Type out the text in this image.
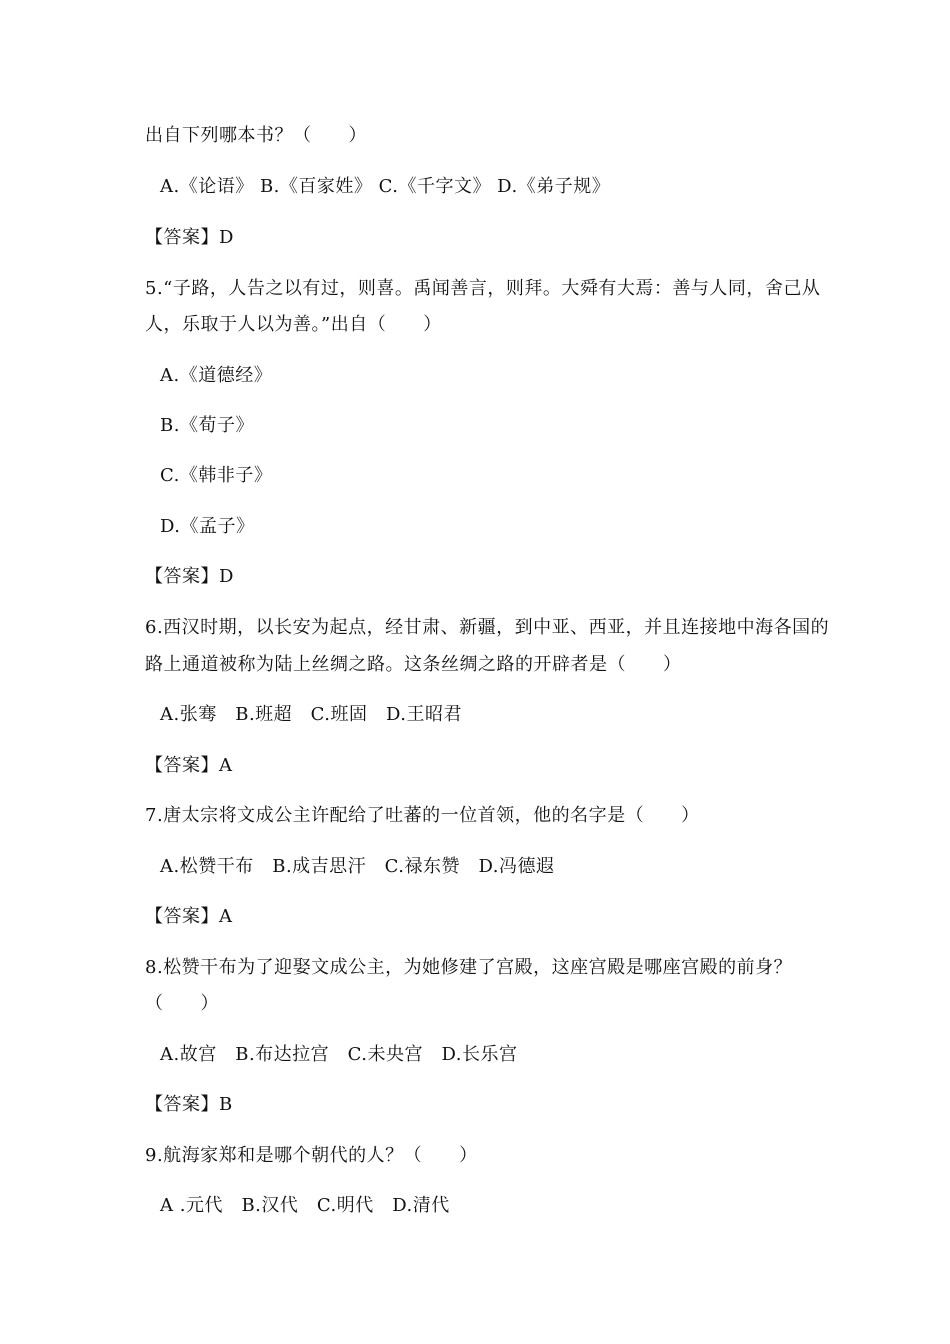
出自下列哪本书？（　　）
A.《论语》 B.《百家姓》 C.《千字文》 D.《弟子规》
【答案】D
5.“子路，人告之以有过，则喜。禹闻善言，则拜。大舜有大焉：善与人同，舍己从
人，乐取于人以为善。”出自（　　）
A.《道德经》
B.《荀子》
C.《韩非子》
D.《孟子》
【答案】D
6.西汉时期，以长安为起点，经甘肃、新疆，到中亚、西亚，并且连接地中海各国的
路上通道被称为陆上丝绸之路。这条丝绸之路的开辟者是（　　）
A.张骞　B.班超　C.班固　D.王昭君
【答案】A
7.唐太宗将文成公主许配给了吐蕃的一位首领，他的名字是（　　）
A.松赞干布　B.成吉思汗　C.禄东赞　D.冯德遐
【答案】A
8.松赞干布为了迎娶文成公主，为她修建了宫殿，这座宫殿是哪座宫殿的前身？
（　　）
A.故宫　B.布达拉宫　C.未央宫　D.长乐宫
【答案】B
9.航海家郑和是哪个朝代的人？（　　）
A .元代　B.汉代　C.明代　D.清代
